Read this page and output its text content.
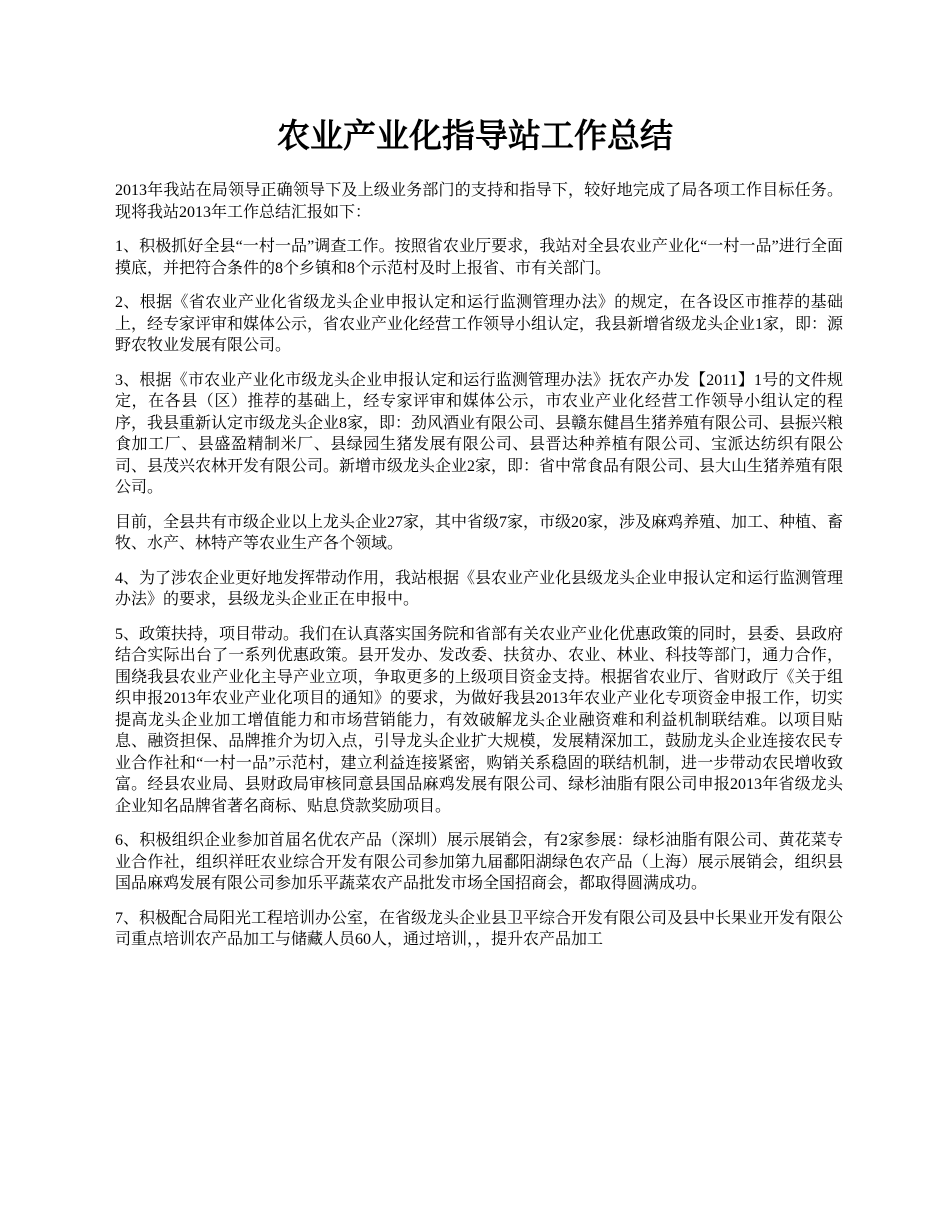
农业产业化指导站工作总结

2013年我站在局领导正确领导下及上级业务部门的支持和指导下，较好地完成了局各项工作目标任务。现将我站2013年工作总结汇报如下：

1、积极抓好全县“一村一品”调查工作。按照省农业厅要求，我站对全县农业产业化“一村一品”进行全面摸底，并把符合条件的8个乡镇和8个示范村及时上报省、市有关部门。

2、根据《省农业产业化省级龙头企业申报认定和运行监测管理办法》的规定，在各设区市推荐的基础上，经专家评审和媒体公示，省农业产业化经营工作领导小组认定，我县新增省级龙头企业1家，即：源野农牧业发展有限公司。

3、根据《市农业产业化市级龙头企业申报认定和运行监测管理办法》抚农产办发【2011】1号的文件规定，在各县（区）推荐的基础上，经专家评审和媒体公示，市农业产业化经营工作领导小组认定的程序，我县重新认定市级龙头企业8家，即：劲风酒业有限公司、县赣东健昌生猪养殖有限公司、县振兴粮食加工厂、县盛盈精制米厂、县绿园生猪发展有限公司、县晋达种养植有限公司、宝派达纺织有限公司、县茂兴农林开发有限公司。新增市级龙头企业2家，即：省中常食品有限公司、县大山生猪养殖有限公司。

目前，全县共有市级企业以上龙头企业27家，其中省级7家，市级20家，涉及麻鸡养殖、加工、种植、畜牧、水产、林特产等农业生产各个领域。

4、为了涉农企业更好地发挥带动作用，我站根据《县农业产业化县级龙头企业申报认定和运行监测管理办法》的要求，县级龙头企业正在申报中。

5、政策扶持，项目带动。我们在认真落实国务院和省部有关农业产业化优惠政策的同时，县委、县政府结合实际出台了一系列优惠政策。县开发办、发改委、扶贫办、农业、林业、科技等部门，通力合作，围绕我县农业产业化主导产业立项，争取更多的上级项目资金支持。根据省农业厅、省财政厅《关于组织申报2013年农业产业化项目的通知》的要求，为做好我县2013年农业产业化专项资金申报工作，切实提高龙头企业加工增值能力和市场营销能力，有效破解龙头企业融资难和利益机制联结难。以项目贴息、融资担保、品牌推介为切入点，引导龙头企业扩大规模，发展精深加工，鼓励龙头企业连接农民专业合作社和“一村一品”示范村，建立利益连接紧密，购销关系稳固的联结机制，进一步带动农民增收致富。经县农业局、县财政局审核同意县国品麻鸡发展有限公司、绿杉油脂有限公司申报2013年省级龙头企业知名品牌省著名商标、贴息贷款奖励项目。

6、积极组织企业参加首届名优农产品（深圳）展示展销会，有2家参展：绿杉油脂有限公司、黄花菜专业合作社，组织祥旺农业综合开发有限公司参加第九届鄱阳湖绿色农产品（上海）展示展销会，组织县国品麻鸡发展有限公司参加乐平蔬菜农产品批发市场全国招商会，都取得圆满成功。

7、积极配合局阳光工程培训办公室，在省级龙头企业县卫平综合开发有限公司及县中长果业开发有限公司重点培训农产品加工与储藏人员60人，通过培训，，提升农产品加工
